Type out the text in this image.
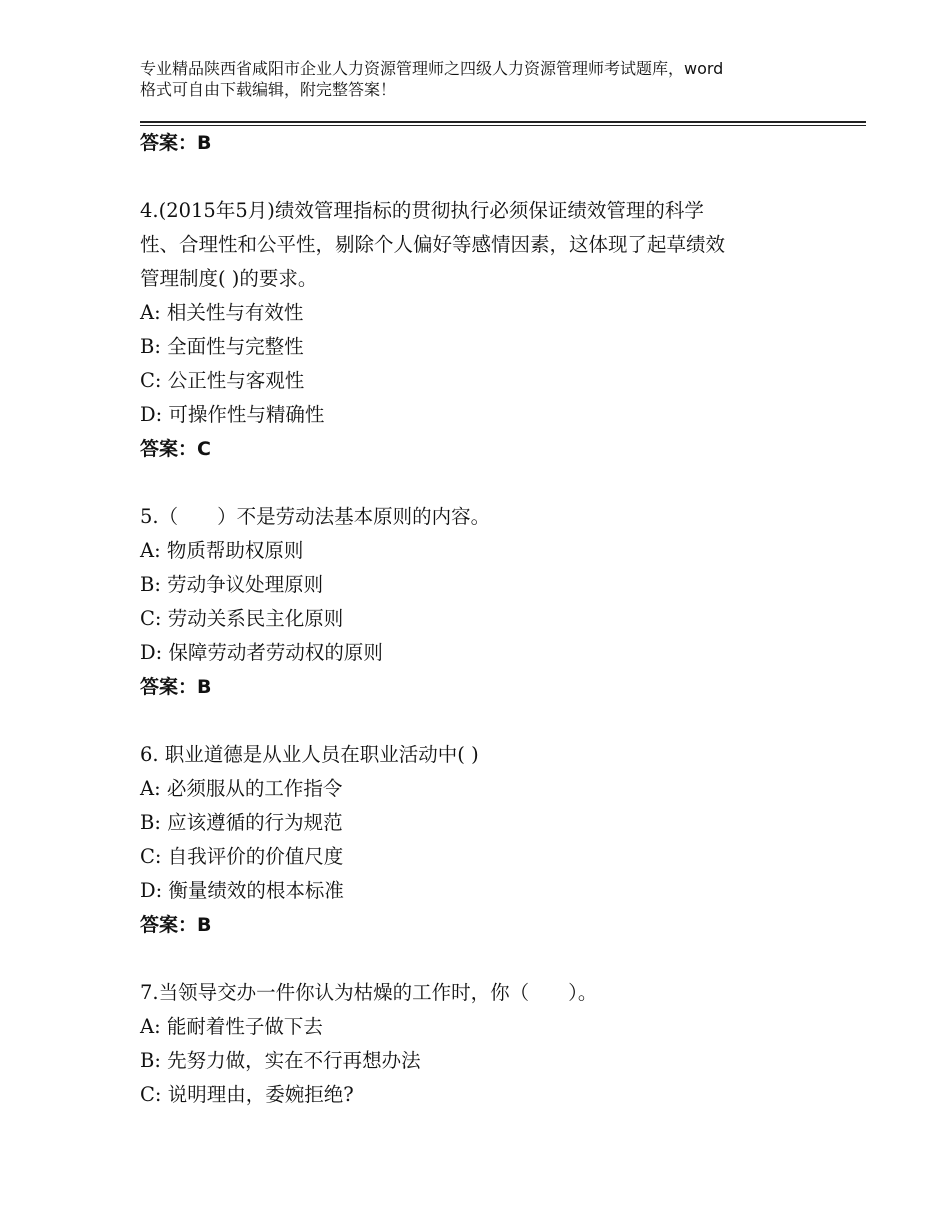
专业精品陕西省咸阳市企业人力资源管理师之四级人力资源管理师考试题库，word
格式可自由下载编辑，附完整答案！
答案：B
4.(2015年5月)绩效管理指标的贯彻执行必须保证绩效管理的科学
性、合理性和公平性，剔除个人偏好等感情因素，这体现了起草绩效
管理制度( )的要求。
A: 相关性与有效性
B: 全面性与完整性
C: 公正性与客观性
D: 可操作性与精确性
答案：C
5.（　　）不是劳动法基本原则的内容。
A: 物质帮助权原则
B: 劳动争议处理原则
C: 劳动关系民主化原则
D: 保障劳动者劳动权的原则
答案：B
6. 职业道德是从业人员在职业活动中( )
A: 必须服从的工作指令
B: 应该遵循的行为规范
C: 自我评价的价值尺度
D: 衡量绩效的根本标准
答案：B
7.当领导交办一件你认为枯燥的工作时，你（　　）。
A: 能耐着性子做下去
B: 先努力做，实在不行再想办法
C: 说明理由，委婉拒绝?
